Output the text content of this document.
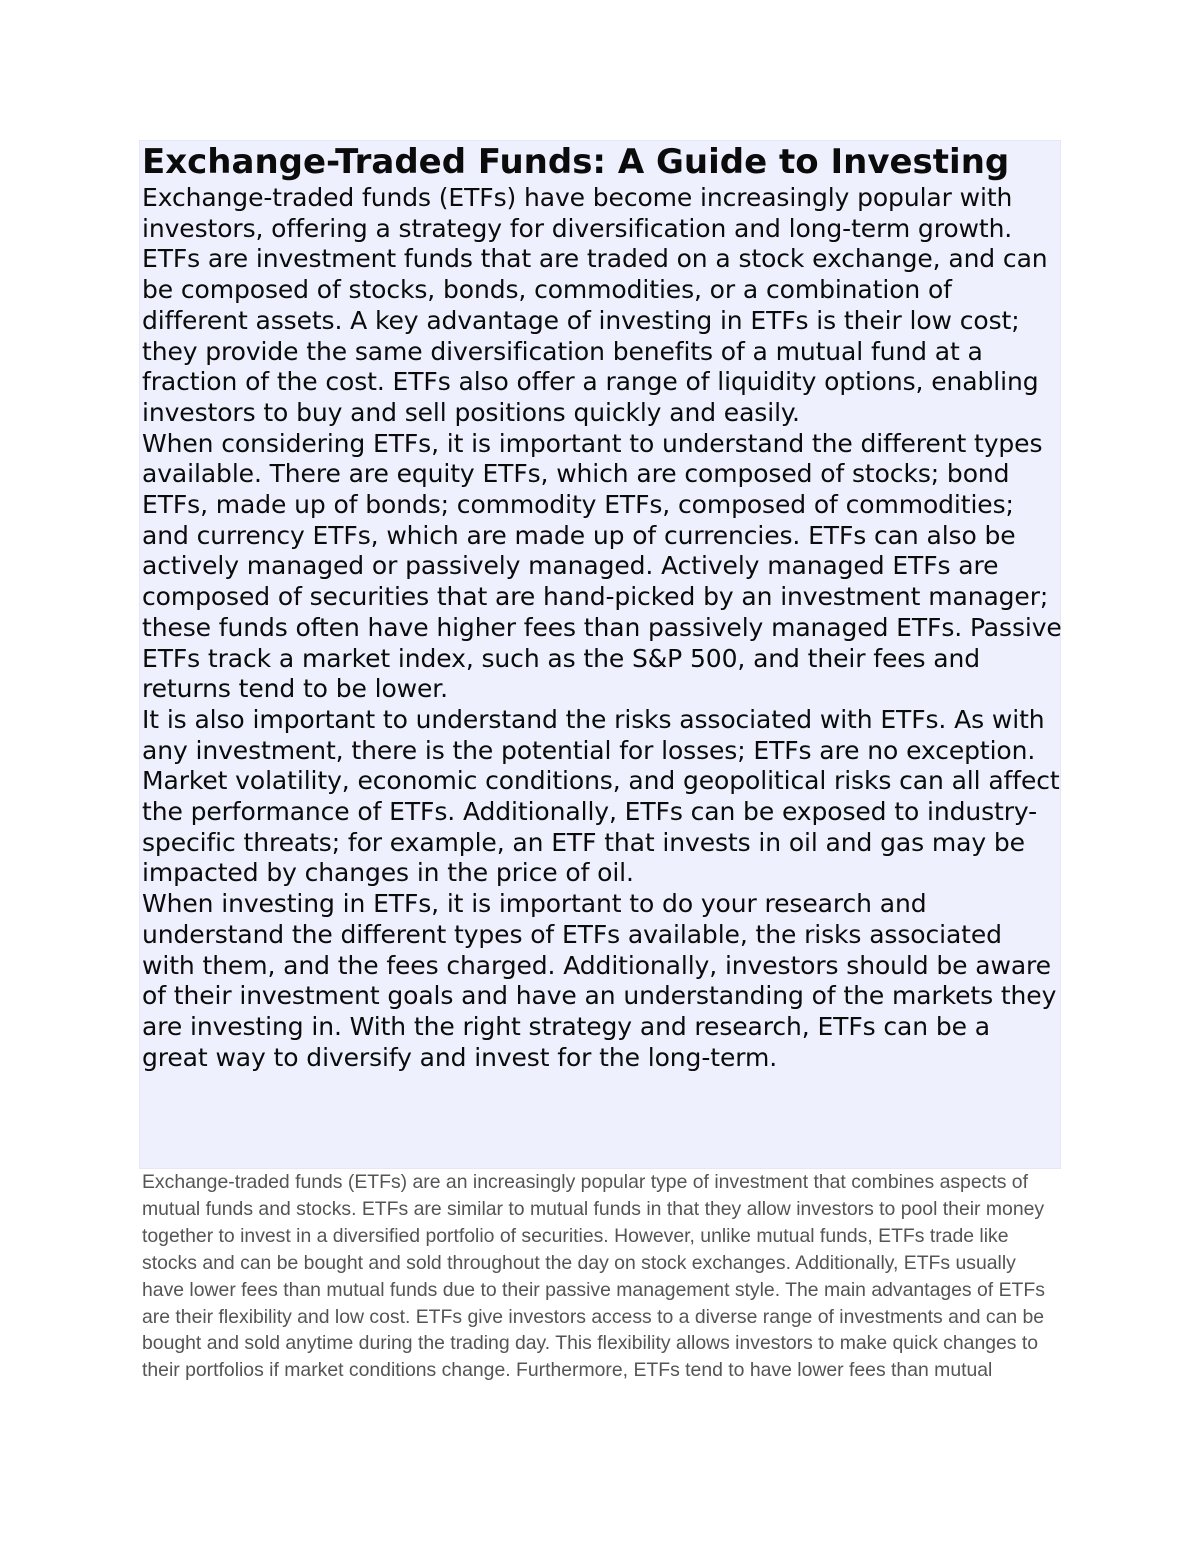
Exchange-Traded Funds: A Guide to Investing

Exchange-traded funds (ETFs) have become increasingly popular with investors, offering a strategy for diversification and long-term growth. ETFs are investment funds that are traded on a stock exchange, and can be composed of stocks, bonds, commodities, or a combination of different assets. A key advantage of investing in ETFs is their low cost; they provide the same diversification benefits of a mutual fund at a fraction of the cost. ETFs also offer a range of liquidity options, enabling investors to buy and sell positions quickly and easily.

When considering ETFs, it is important to understand the different types available. There are equity ETFs, which are composed of stocks; bond ETFs, made up of bonds; commodity ETFs, composed of commodities; and currency ETFs, which are made up of currencies. ETFs can also be actively managed or passively managed. Actively managed ETFs are composed of securities that are hand-picked by an investment manager; these funds often have higher fees than passively managed ETFs. Passive ETFs track a market index, such as the S&P 500, and their fees and returns tend to be lower.

It is also important to understand the risks associated with ETFs. As with any investment, there is the potential for losses; ETFs are no exception. Market volatility, economic conditions, and geopolitical risks can all affect the performance of ETFs. Additionally, ETFs can be exposed to industry-specific threats; for example, an ETF that invests in oil and gas may be impacted by changes in the price of oil.

When investing in ETFs, it is important to do your research and understand the different types of ETFs available, the risks associated with them, and the fees charged. Additionally, investors should be aware of their investment goals and have an understanding of the markets they are investing in. With the right strategy and research, ETFs can be a great way to diversify and invest for the long-term.

Exchange-traded funds (ETFs) are an increasingly popular type of investment that combines aspects of mutual funds and stocks. ETFs are similar to mutual funds in that they allow investors to pool their money together to invest in a diversified portfolio of securities. However, unlike mutual funds, ETFs trade like stocks and can be bought and sold throughout the day on stock exchanges. Additionally, ETFs usually have lower fees than mutual funds due to their passive management style. The main advantages of ETFs are their flexibility and low cost. ETFs give investors access to a diverse range of investments and can be bought and sold anytime during the trading day. This flexibility allows investors to make quick changes to their portfolios if market conditions change. Furthermore, ETFs tend to have lower fees than mutual
